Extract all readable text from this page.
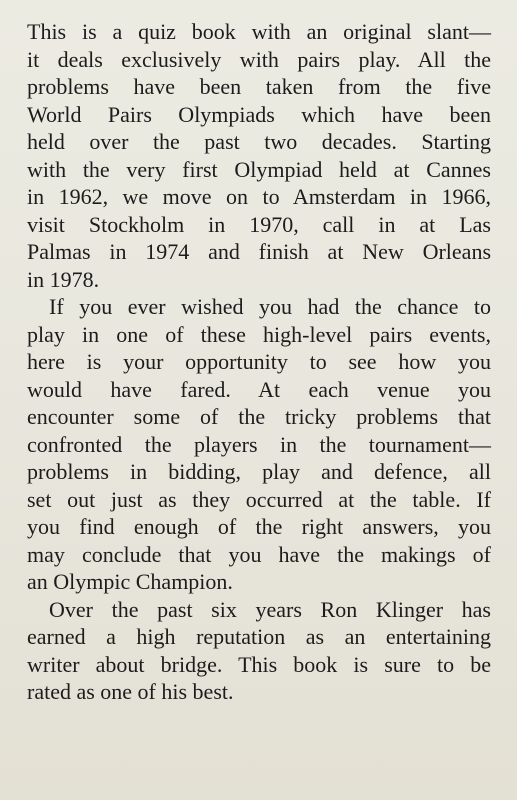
This is a quiz book with an original slant—
it deals exclusively with pairs play. All the
problems have been taken from the five
World Pairs Olympiads which have been
held over the past two decades. Starting
with the very first Olympiad held at Cannes
in 1962, we move on to Amsterdam in 1966,
visit Stockholm in 1970, call in at Las
Palmas in 1974 and finish at New Orleans
in 1978.
If you ever wished you had the chance to
play in one of these high-level pairs events,
here is your opportunity to see how you
would have fared. At each venue you
encounter some of the tricky problems that
confronted the players in the tournament—
problems in bidding, play and defence, all
set out just as they occurred at the table. If
you find enough of the right answers, you
may conclude that you have the makings of
an Olympic Champion.
Over the past six years Ron Klinger has
earned a high reputation as an entertaining
writer about bridge. This book is sure to be
rated as one of his best.
